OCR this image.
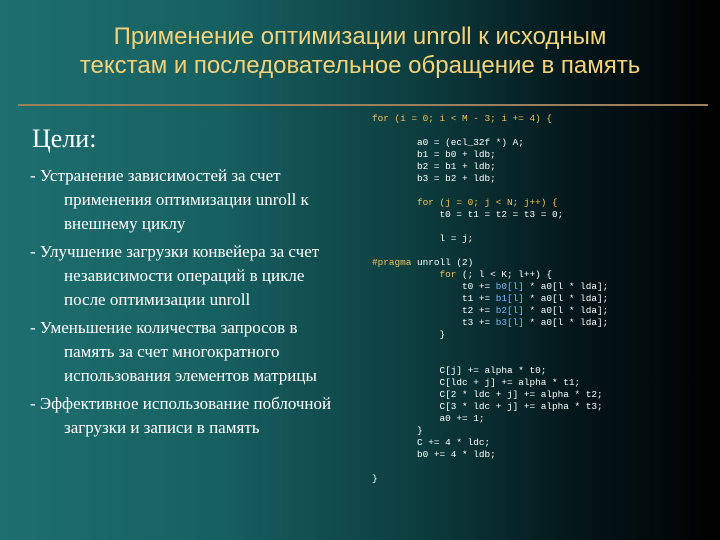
Применение оптимизации unroll к исходным
текстам и последовательное обращение в память
Цели:
- Устранение зависимостей за счет применения оптимизации unroll к внешнему циклу
- Улучшение загрузки конвейера за счет независимости операций в цикле после оптимизации unroll
- Уменьшение количества запросов в память за счет многократного использования элементов матрицы
- Эффективное использование поблочной загрузки и записи в память
for (i = 0; i < M - 3; i += 4) {

a0 = (ecl_32f *) A;
b1 = b0 + ldb;
b2 = b1 + ldb;
b3 = b2 + ldb;

for (j = 0; j < N; j++) {
t0 = t1 = t2 = t3 = 0;

l = j;

#pragma unroll (2)
for (; l < K; l++) {
t0 += b0[l] * a0[l * lda];
t1 += b1[l] * a0[l * lda];
t2 += b2[l] * a0[l * lda];
t3 += b3[l] * a0[l * lda];
}

C[j] += alpha * t0;
C[ldc + j] += alpha * t1;
C[2 * ldc + j] += alpha * t2;
C[3 * ldc + j] += alpha * t3;
a0 += 1;
}
C += 4 * ldc;
b0 += 4 * ldb;

}
